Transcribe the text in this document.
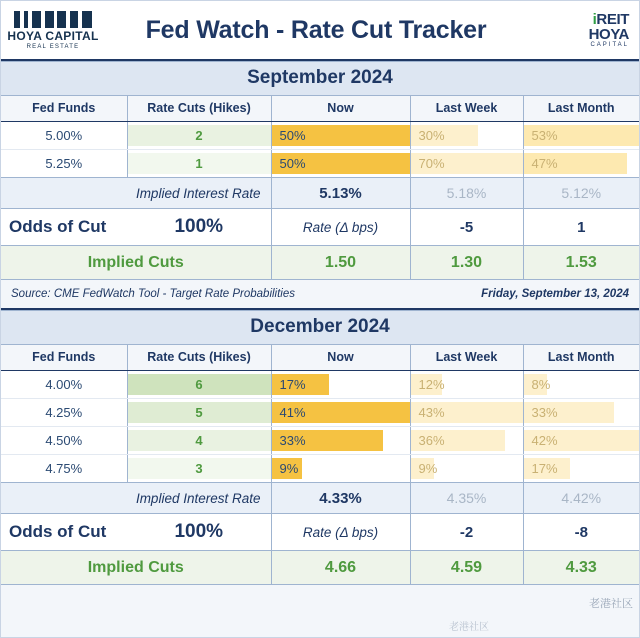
HOYA CAPITAL
REAL ESTATE
Fed Watch - Rate Cut Tracker	iREIT
HOYA
CAPITAL
September 2024
Fed Funds	Rate Cuts (Hikes)	Now	Last Week	Last Month
5.00%	2	50%	30%	53%

5.25%	1	50%	70%	47%

Implied Interest Rate		5.13%	5.18%	5.12%
Odds of Cut	100%	Rate (Δ bps)	-5	1
Implied Cuts		1.50	1.30	1.53
Source: CME FedWatch Tool - Target Rate Probabilities			Friday, September 13, 2024	
December 2024
Fed Funds	Rate Cuts (Hikes)	Now	Last Week	Last Month
4.00%	6	17%	12%	8%

4.25%	5	41%	43%	33%

4.50%	4	33%	36%	42%

4.75%	3	9%	9%	17%

Implied Interest Rate		4.33%	4.35%	4.42%
Odds of Cut	100%	Rate (Δ bps)	-2	-8
Implied Cuts		4.66	4.59	4.33
老港社区
老港社区
